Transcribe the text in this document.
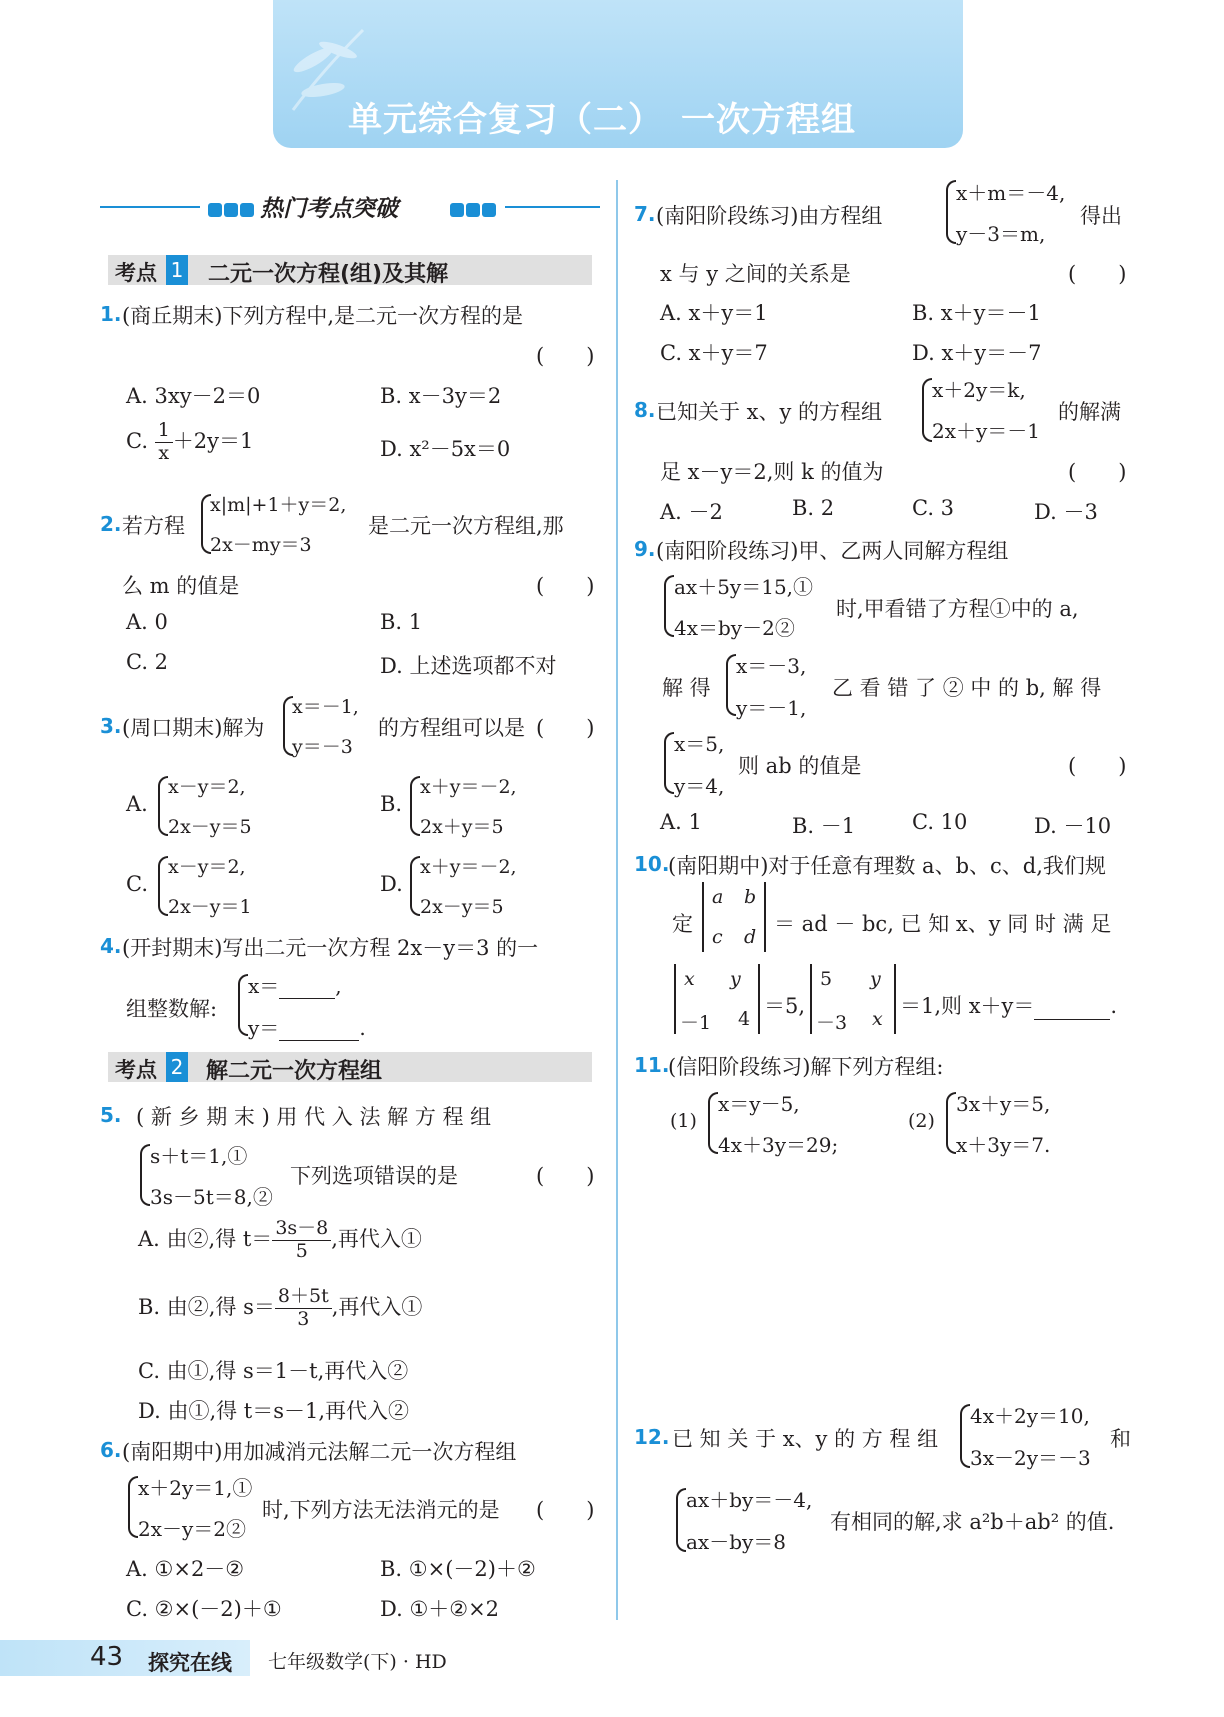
单元综合复习（二）　一次方程组
热门考点突破
考点 1 二元一次方程(组)及其解
1. (商丘期末)下列方程中,是二元一次方程的是
(　　)
A. 3xy－2＝0	B. x－3y＝2
C. $\frac{1}{x} +2y=1$	D. x²－5x＝0
2. 若方程
x|m|+1＋y＝2,
2x－my＝3
是二元一次方程组,那
么 m 的值是	(　　)
A. 0	B. 1
C. 2	D. 上述选项都不对
3. (周口期末)解为
x＝－1,
y＝－3
的方程组可以是 (　　)
A.
x－y＝2,
2x－y＝5
B.
x＋y＝－2,
2x＋y＝5
C.
x－y＝2,
2x－y＝1
D.
x＋y＝－2,
2x－y＝5
4. (开封期末)写出二元一次方程 2x－y＝3 的一
组整数解:
x＝	,
y＝	.
考点 2 解二元一次方程组
5. ( 新 乡 期 末 ) 用 代 入 法 解 方 程 组
s＋t＝1,①
3s－5t＝8,②
下列选项错误的是	(　　)
A. 由②,得 $t= \frac{3s-8}{5}$ ,再代入①
B. 由②,得 $s= \frac{8+5t}{3}$ ,再代入①
C. 由①,得 s＝1－t,再代入②
D. 由①,得 t＝s－1,再代入②
6. (南阳期中)用加减消元法解二元一次方程组
x＋2y＝1,①
2x－y＝2②
时,下列方法无法消元的是 (　　)
A. ①×2－②	B. ①×(－2)＋②
C. ②×(－2)＋①	D. ①＋②×2
7. (南阳阶段练习)由方程组
x＋m＝－4,
y－3＝m,
得出
x 与 y 之间的关系是	(　　)
A. x＋y＝1	B. x＋y＝－1
C. x＋y＝7	D. x＋y＝－7
8. 已知关于 x、y 的方程组
x＋2y＝k,
2x＋y＝－1
的解满
足 x－y＝2,则 k 的值为	(　　)
A. －2	B. 2	C. 3	D. －3
9. (南阳阶段练习)甲、乙两人同解方程组
ax＋5y＝15,①
4x＝by－2②
时,甲看错了方程①中的 a,
解 得
x＝－3,
y＝－1,
乙 看 错 了 ② 中 的 b, 解 得
x＝5,
y＝4,
则 ab 的值是	(　　)
A. 1	B. －1	C. 10	D. －10
10.
(南阳期中)对于任意有理数 a、b、c、d,我们规
定
a b
c d
＝ ad － bc, 已 知 x、y 同 时 满 足
x y
－1 4
＝5,
5 y
－3 x
＝1,则 x＋y＝	.
11.
(信阳阶段练习)解下列方程组:
(1)
x＝y－5,
4x＋3y＝29;
(2)
3x＋y＝5,
x＋3y＝7.
12. 已 知 关 于 x、y 的 方 程 组
4x＋2y＝10,
3x－2y＝－3
和
ax＋by＝－4,
ax－by＝8
有相同的解,求 a²b＋ab² 的值.
43 探究在线 七年级数学(下) · HD
